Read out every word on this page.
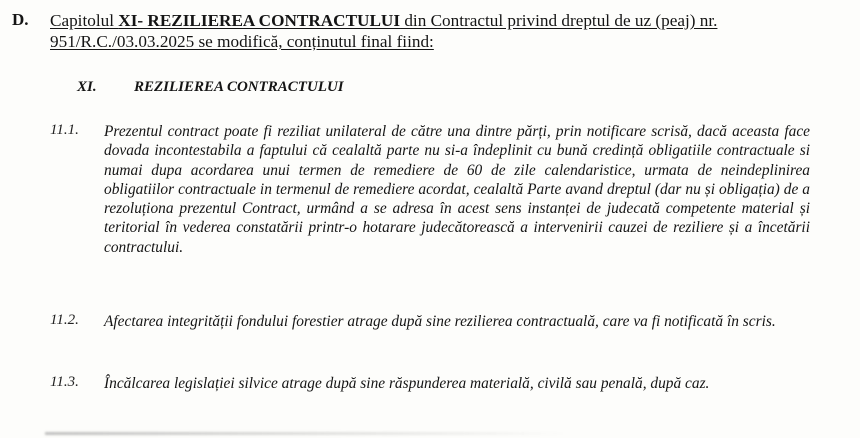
D. Capitolul XI- REZILIEREA CONTRACTULUI din Contractul privind dreptul de uz (peaj) nr. 951/R.C./03.03.2025 se modifică, conținutul final fiind:
XI. REZILIEREA CONTRACTULUI
11.1. Prezentul contract poate fi reziliat unilateral de către una dintre părți, prin notificare scrisă, dacă aceasta face dovada incontestabila a faptului că cealaltă parte nu si-a îndeplinit cu bună credință obligatiile contractuale si numai dupa acordarea unui termen de remediere de 60 de zile calendaristice, urmata de neindeplinirea obligatiilor contractuale in termenul de remediere acordat, cealaltă Parte avand dreptul (dar nu și obligația) de a rezoluționa prezentul Contract, urmând a se adresa în acest sens instanței de judecată competente material și teritorial în vederea constatării printr-o hotarare judecătorească a intervenirii cauzei de reziliere și a încetării contractului.
11.2. Afectarea integrității fondului forestier atrage după sine rezilierea contractuală, care va fi notificată în scris.
11.3. Încălcarea legislației silvice atrage după sine răspunderea materială, civilă sau penală, după caz.
